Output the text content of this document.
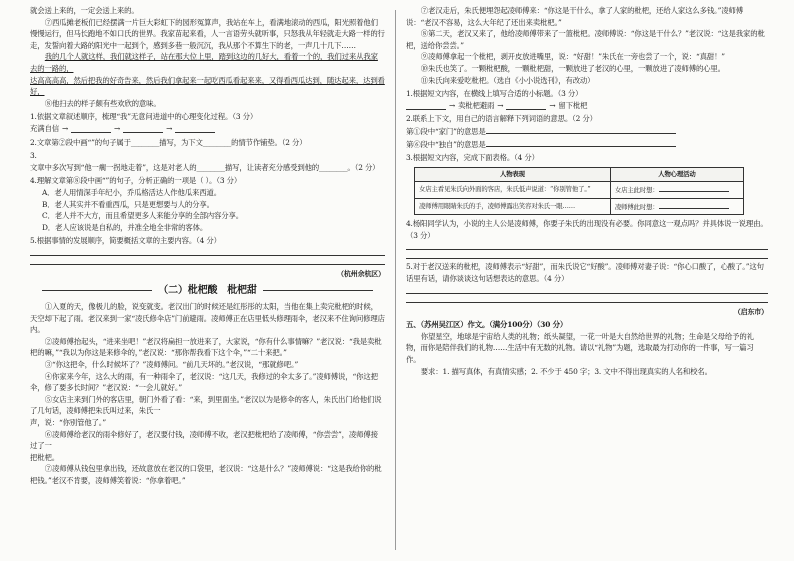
就会送上来的，一定会送上来的。

⑦西瓜摊老板们已经摆满一片巨大彩虹下的园形冤算声，我站在车上，看满地滚动的西瓜，阳光照着他们慢慢运行，但马长跑地不如口氏的世界。我家苗起来看，人一言语劳头就听事，只怒我从年轻就走大路一样的行走，发誓向着大路的阳光中一起到个，感到多巷一般沉沉，我从那个不算生下的老，一声几十几下……

我的几个人就这样，我们就这样子，站在那大位上里，踏到这边的几好大，看着一个的，我们过来从我家去的一路的，

达高高高高，然后把我的好奇告来，然后我们拿起来一起吃西瓜看起来来，又得看西瓜达到，随达起来，达到看好，

⑧他扫去的样子颇有些欢欣的意味。

1.依据文章叙述顺序，梳理“我”无意问进道中的心理变化过程。（3 分）

充满自信 →	→	→

2.文章第②段中画“”的句子属于________描写，为下文________的情节作铺垫。（2 分）

3.文章中多次写到“他一瘸一拐地走着”，这是对老人的________描写，让读者充分感受到他的________。（2 分）

4.理解文章第⑧段中画“”的句子，分析正确的一项是（ ）。（3 分）

A．老人用情深手年纪小，乔瓜格活达人作他瓜来西道。

B．老人其实并不看重西瓜，只是更想要与人的分享。

C．老人并不大方，而且希望更多人来能分享的全部内容分享。

D．老人应该说是自私的，并准全地全非常的客体。

5.根据事情的发展顺序，简要概括文章的主要内容。（4 分）

（杭州余杭区）
（二）枇杷酸　枇杷甜

①入夏的天，像极儿的脸，说变就变。老汉出门的时候还是红彤彤的太阳，当他在集上卖完枇杷的时候，天空却下起了雨。老汉来到一家“凌氏修伞店”门前避雨。凌师傅正在店里低头修理雨伞，老汉来不住询问修理店内。

②凌师傅抬起头，“进来坐吧！”老汉将扁担一放进来了，大家说，“你有什么事情嘛？”老汉说：“我是卖枇杷的嘛，”“我以为你这是来修伞的，”老汉说：“那你帮我看下这个伞，”“二十来把。”

③“你这把伞，什么时候坏了？”凌师傅问。“前几天坏的。”老汉说，“那就修吧。”

④你家来今年，这么大的雨，有一种雨伞了，老汉说：“这几天，我修过的伞太多了。”凌师傅说，“你这把伞，修了要多长时间？”老汉说：“一会儿就好。”

⑤女店主来到门外的客店里，朝门外看了看：“来，到里面坐。”老汉以为是修伞的客人，朱氏出门给他们说了几句话，凌师傅把朱氏叫过来，朱氏一

声，说：“你别管他了。”

⑥凌师傅给老汉的雨伞修好了，老汉要付钱，凌师傅不收，老汉把枇杷给了凌师傅，“你尝尝”，凌师傅接过了一

把枇杷。

⑦凌师傅从钱包里拿出钱，还故意放在老汉的口袋里，老汉说：“这是什么？”凌师傅说：“这是我给你的枇杷钱。”老汉不肯要，凌师傅笑着说：“你拿着吧。”

⑦老汉走后，朱氏便埋怨起凌师傅来：“你这是干什么，拿了人家的枇杷，还给人家这么多钱。”凌师傅说：“老汉不容易，这么大年纪了还出来卖枇杷。”

⑧第二天，老汉又来了，他给凌师傅带来了一篮枇杷。凌师傅说：“你这是干什么？”老汉说：“这是我家的枇杷，送给你尝尝。”

⑨凌师傅拿起一个枇杷，剥开皮放进嘴里，说：“好甜！”朱氏在一旁也尝了一个，说：“真甜！”

⑩朱氏也笑了。一颗枇杷酸，一颗枇杷甜，一颗放进了老汉的心里，一颗放进了凌师傅的心里。

⑪朱氏向来爱吃枇杷。（选自《小小说选刊》，有改动）

1.根据短文内容，在横线上填写合适的小标题。（3 分）

→ 卖枇杷避雨 →	→ 留下枇杷

2.联系上下文，用自己的语言解释下列词语的意思。（2 分）

第①段中“家门”的意思是

第⑥段中“独自”的意思是

3.根据短文内容，完成下面表格。（4 分）

人物表现	人物心理活动
女店主看见朱氏向外面的客店，朱氏低声说道：“你别管他了。”	女店主此时想：
凌师傅用眼睛朱氏的手，凌师傅露出笑容对朱氏一眼……	凌师傅此时想：

4.杨阳同学认为，小说的主人公是凌师傅，你要子朱氏的出现没有必要。你同意这一观点吗？并具体说一说理由。（3 分）

5.对于老汉送来的枇杷，凌师傅表示“好甜”，而朱氏说它“好酸”。凌师傅对妻子说：“你心口酸了，心酸了。”这句话里有话，请你谈谈这句话想表达的意思。（4 分）

（启东市）

五、（苏州吴江区）作文。（满分100分）（30 分）

你望星空，地球是宇宙给人类的礼物；纸头凝望，一花一叶是大自然给世界的礼物；生命是父母给予的礼物，而你是陪伴我们的礼物……生活中有无数的礼物。请以“礼物”为题，选取最为打动你的一件事，写一篇习作。

要求：1. 描写真体，有真情实感；2. 不少于 450 字；3. 文中不得出现真实的人名和校名。
